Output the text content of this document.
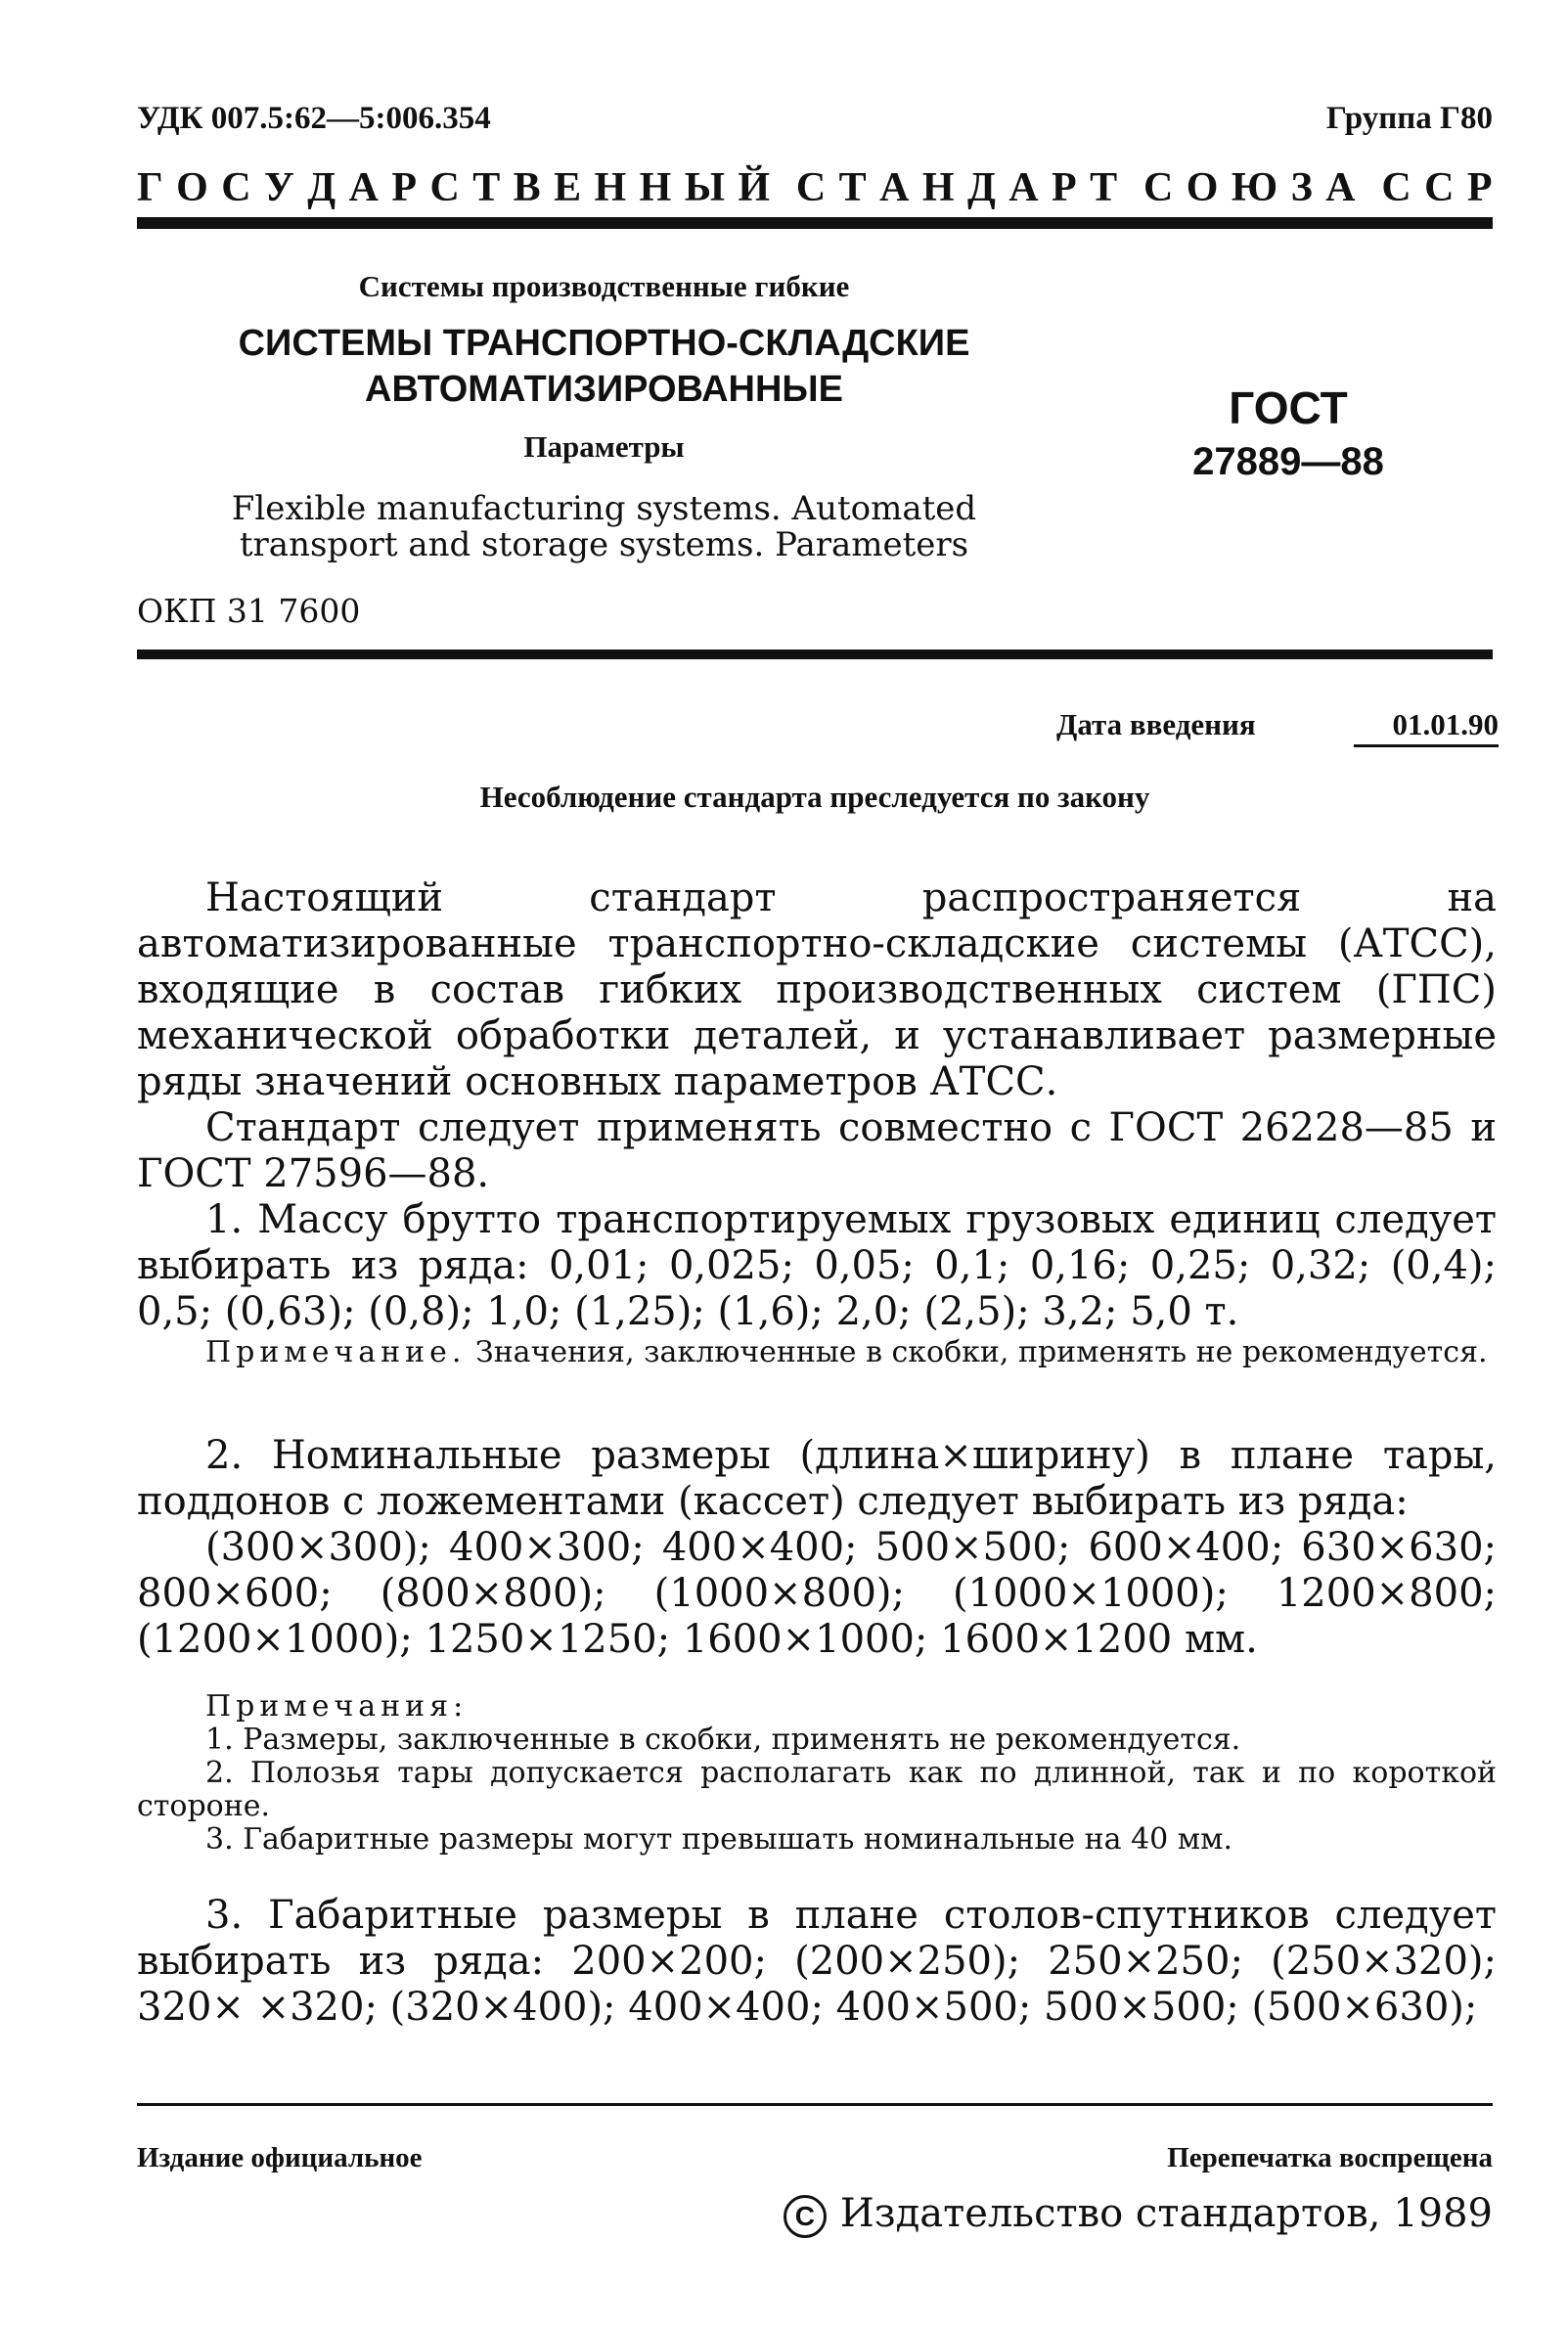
УДК 007.5:62—5:006.354	Группа Г80
Г О С У Д А Р С Т В Е Н Н Ы Й С Т А Н Д А Р Т С О Ю З А С С Р
Системы производственные гибкие
СИСТЕМЫ ТРАНСПОРТНО-СКЛАДСКИЕ
АВТОМАТИЗИРОВАННЫЕ
Параметры
Flexible manufacturing systems. Automated
transport and storage systems. Parameters
ГОСТ
27889—88
ОКП 31 7600
Дата введения	01.01.90
Несоблюдение стандарта преследуется по закону

Настоящий стандарт распространяется на автоматизированные транспортно-складские системы (АТСС), входящие в состав гибких производственных систем (ГПС) механической обработки деталей, и устанавливает размерные ряды значений основных параметров АТСС.

Стандарт следует применять совместно с ГОСТ 26228—85 и ГОСТ 27596—88.

1. Массу брутто транспортируемых грузовых единиц следует выбирать из ряда: 0,01; 0,025; 0,05; 0,1; 0,16; 0,25; 0,32; (0,4); 0,5; (0,63); (0,8); 1,0; (1,25); (1,6); 2,0; (2,5); 3,2; 5,0 т.

Примечание. Значения, заключенные в скобки, применять не рекомендуется.

2. Номинальные размеры (длина×ширину) в плане тары, поддонов с ложементами (кассет) следует выбирать из ряда:

(300×300); 400×300; 400×400; 500×500; 600×400; 630×630; 800×600; (800×800); (1000×800); (1000×1000); 1200×800; (1200×1000); 1250×1250; 1600×1000; 1600×1200 мм.

Примечания:
1. Размеры, заключенные в скобки, применять не рекомендуется.
2. Полозья тары допускается располагать как по длинной, так и по короткой стороне.
3. Габаритные размеры могут превышать номинальные на 40 мм.

3. Габаритные размеры в плане столов-спутников следует выбирать из ряда: 200×200; (200×250); 250×250; (250×320); 320× ×320; (320×400); 400×400; 400×500; 500×500; (500×630);

Издание официальное	Перепечатка воспрещена
C Издательство стандартов, 1989
